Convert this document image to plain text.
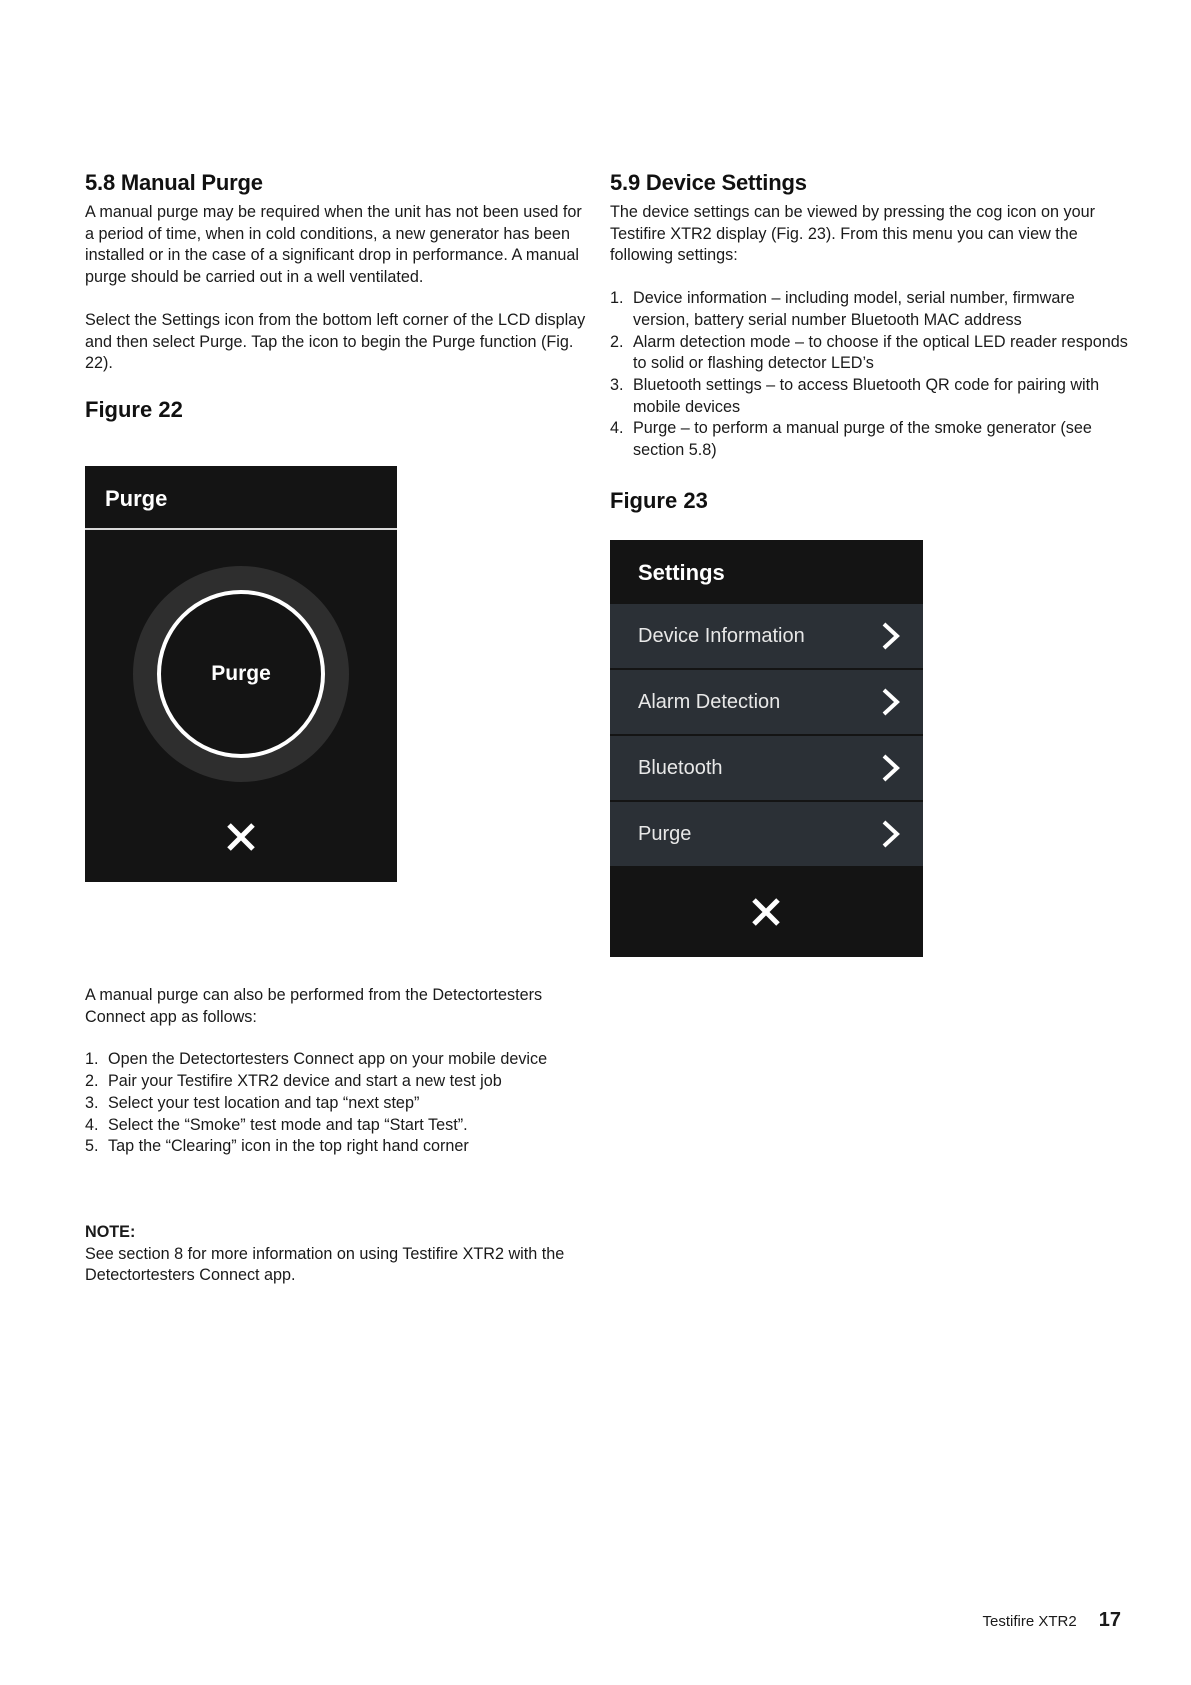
5.8 Manual Purge

A manual purge may be required when the unit has not been used for a period of time, when in cold conditions, a new generator has been installed or in the case of a significant drop in performance. A manual purge should be carried out in a well ventilated.

Select the Settings icon from the bottom left corner of the LCD display and then select Purge. Tap the icon to begin the Purge function (Fig. 22).

Figure 22
Purge
Purge
5.9 Device Settings

The device settings can be viewed by pressing the cog icon on your Testifire XTR2 display (Fig. 23). From this menu you can view the following settings:

1. Device information – including model, serial number, firmware version, battery serial number Bluetooth MAC address
2. Alarm detection mode – to choose if the optical LED reader responds to solid or flashing detector LED’s
3. Bluetooth settings – to access Bluetooth QR code for pairing with mobile devices
4. Purge – to perform a manual purge of the smoke generator (see section 5.8)
Figure 23
Settings
Device Information
Alarm Detection
Bluetooth
Purge

A manual purge can also be performed from the Detectortesters Connect app as follows:

1. Open the Detectortesters Connect app on your mobile device
2. Pair your Testifire XTR2 device and start a new test job
3. Select your test location and tap “next step”
4. Select the “Smoke” test mode and tap “Start Test”.
5. Tap the “Clearing” icon in the top right hand corner
NOTE:

See section 8 for more information on using Testifire XTR2 with the Detectortesters Connect app.

Testifire XTR2 17
